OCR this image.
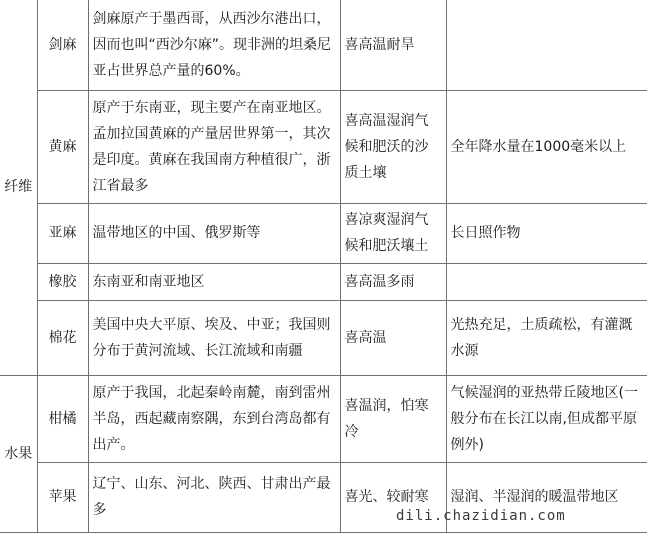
纤维	剑麻	剑麻原产于墨西哥，从西沙尔港出口，因而也叫“西沙尔麻”。现非洲的坦桑尼亚占世界总产量的60%。	喜高温耐旱	
	黄麻	原产于东南亚，现主要产在南亚地区。孟加拉国黄麻的产量居世界第一，其次是印度。黄麻在我国南方种植很广，浙江省最多	喜高温湿润气候和肥沃的沙质土壤	全年降水量在1000毫米以上
	亚麻	温带地区的中国、俄罗斯等	喜凉爽湿润气候和肥沃壤土	长日照作物
	橡胶	东南亚和南亚地区	喜高温多雨	
	棉花	美国中央大平原、埃及、中亚；我国则分布于黄河流域、长江流域和南疆	喜高温	光热充足，土质疏松，有灌溉水源
水果	柑橘	原产于我国，北起秦岭南麓，南到雷州半岛，西起藏南察隅，东到台湾岛都有出产。	喜温润，怕寒冷	气候湿润的亚热带丘陵地区(一般分布在长江以南,但成都平原例外)
	苹果	辽宁、山东、河北、陕西、甘肃出产最多	喜光、较耐寒	湿润、半湿润的暖温带地区
dili.chazidian.com
